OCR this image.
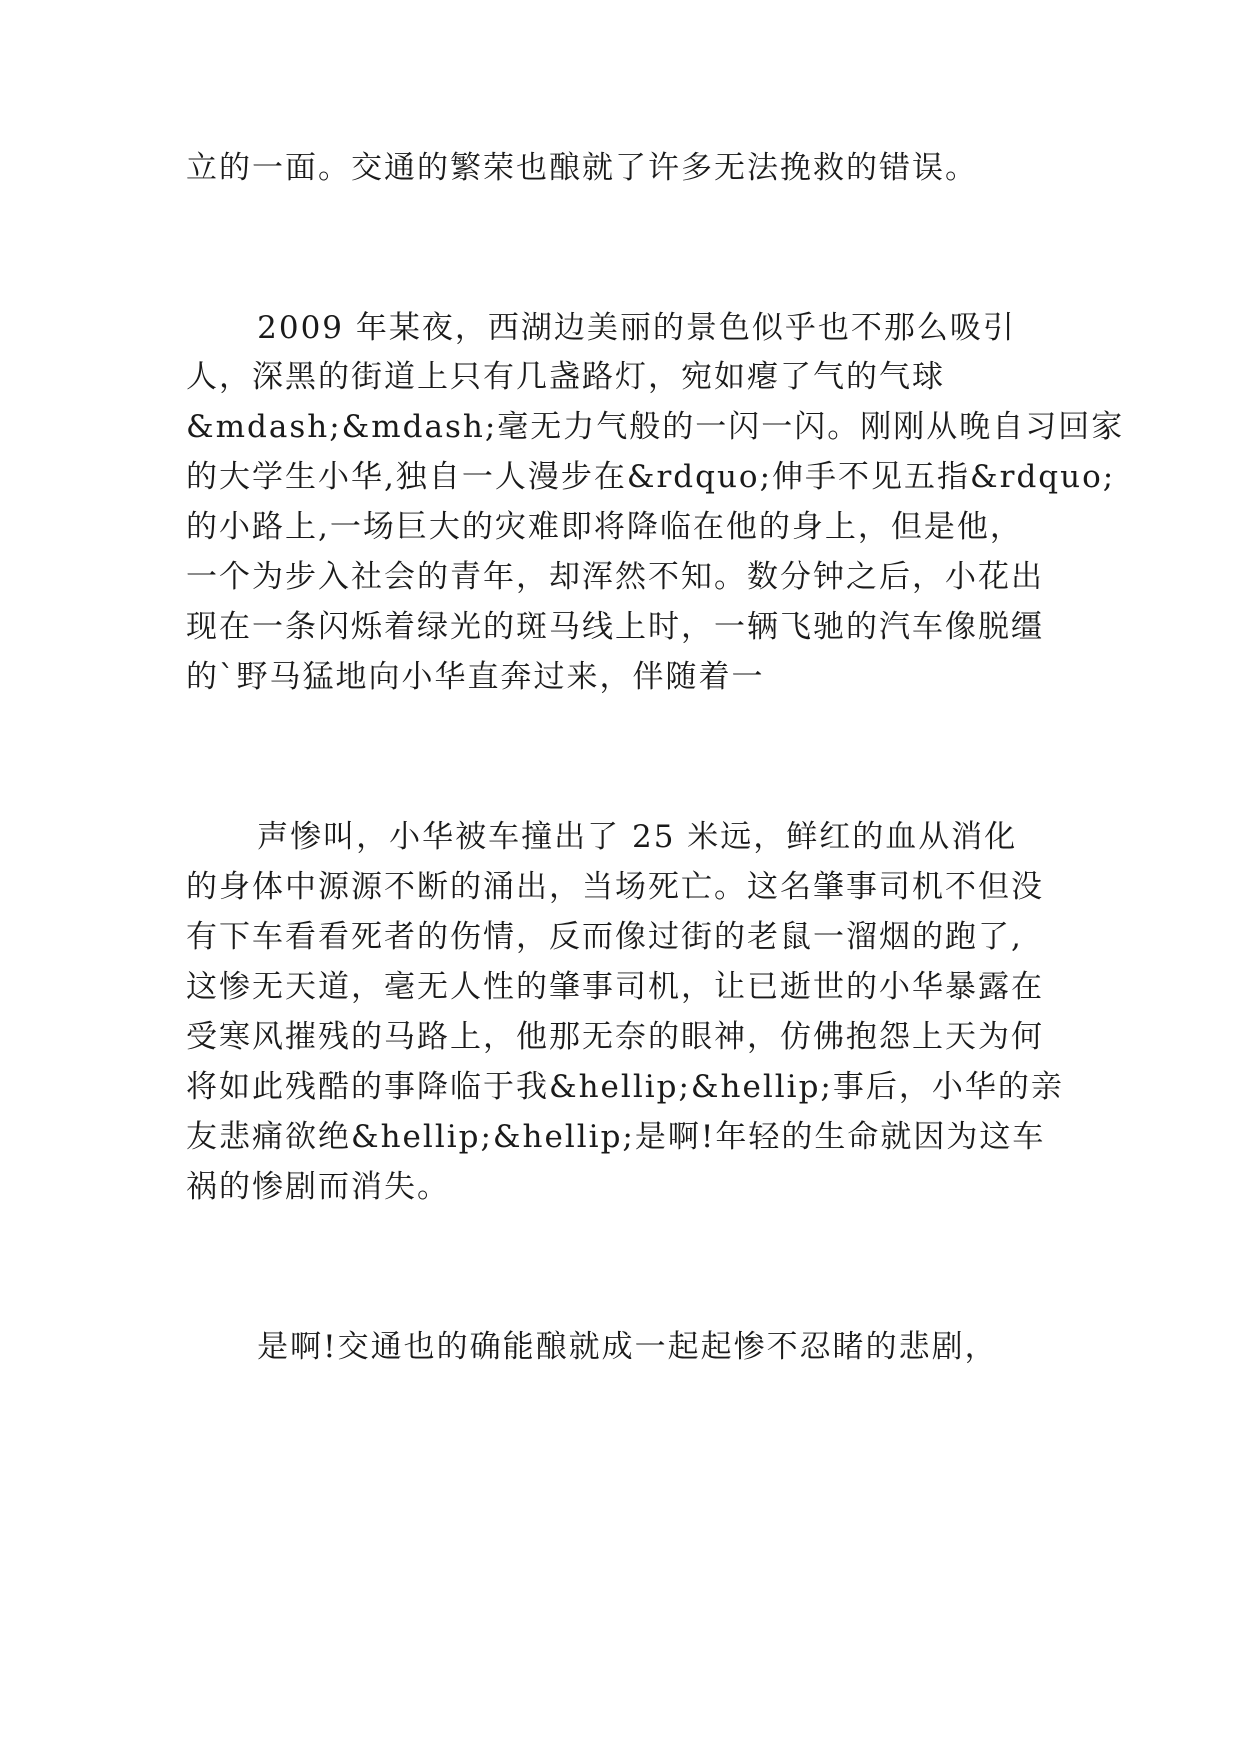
立的一面。交通的繁荣也酿就了许多无法挽救的错误。
2009 年某夜，西湖边美丽的景色似乎也不那么吸引
人，深黑的街道上只有几盏路灯，宛如瘪了气的气球
&mdash;&mdash;毫无力气般的一闪一闪。刚刚从晚自习回家
的大学生小华,独自一人漫步在&rdquo;伸手不见五指&rdquo;
的小路上,一场巨大的灾难即将降临在他的身上，但是他，
一个为步入社会的青年，却浑然不知。数分钟之后，小花出
现在一条闪烁着绿光的斑马线上时，一辆飞驰的汽车像脱缰
的`野马猛地向小华直奔过来，伴随着一
声惨叫，小华被车撞出了 25 米远，鲜红的血从消化
的身体中源源不断的涌出，当场死亡。这名肇事司机不但没
有下车看看死者的伤情，反而像过街的老鼠一溜烟的跑了,
这惨无天道，毫无人性的肇事司机，让已逝世的小华暴露在
受寒风摧残的马路上，他那无奈的眼神，仿佛抱怨上天为何
将如此残酷的事降临于我&hellip;&hellip;事后，小华的亲
友悲痛欲绝&hellip;&hellip;是啊!年轻的生命就因为这车
祸的惨剧而消失。
是啊!交通也的确能酿就成一起起惨不忍睹的悲剧，
